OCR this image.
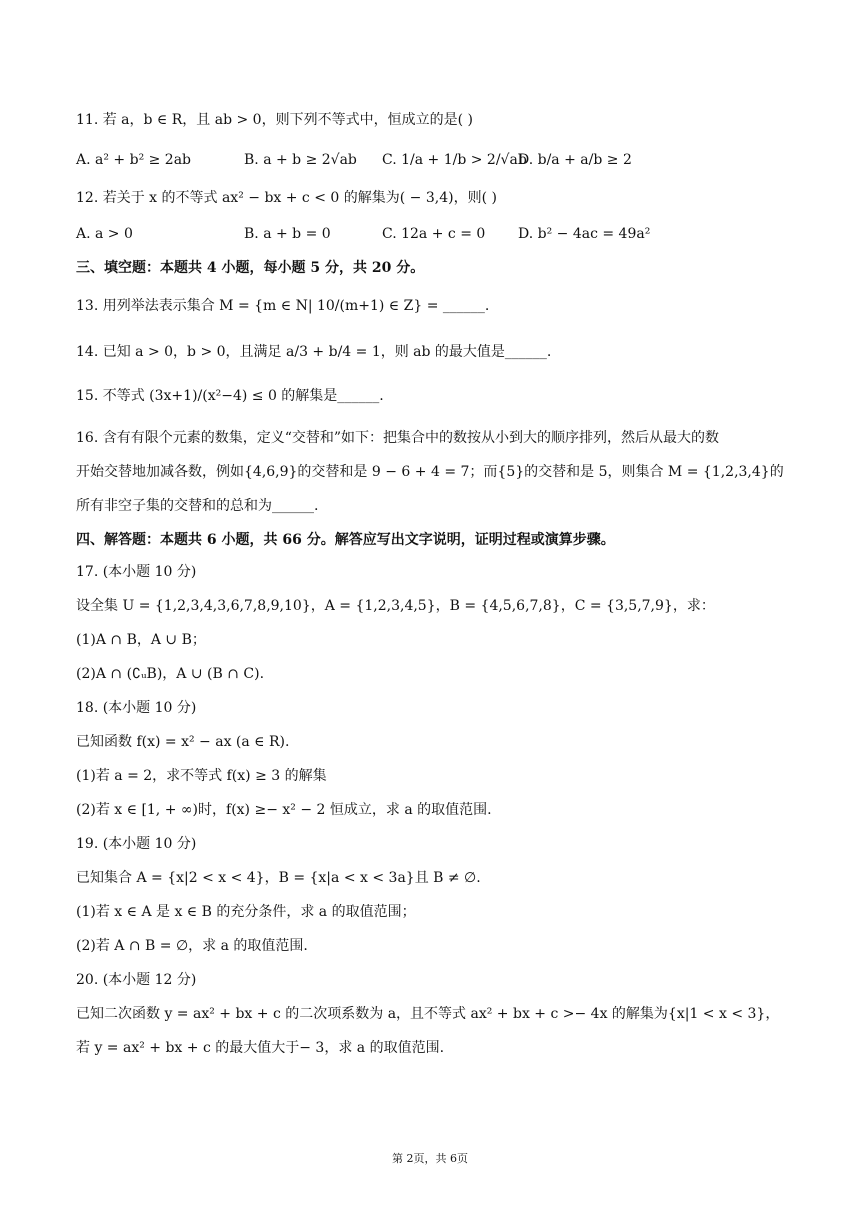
11. 若 a，b ∈ R，且 ab > 0，则下列不等式中，恒成立的是( )
A. a² + b² ≥ 2ab	B. a + b ≥ 2√ab C. 1/a + 1/b > 2/√ab
D. b/a + a/b ≥ 2
12. 若关于 x 的不等式 ax² − bx + c < 0 的解集为( − 3,4)，则( )
A. a > 0	B. a + b = 0	C. 12a + c = 0 D. b² − 4ac = 49a²
三、填空题：本题共 4 小题，每小题 5 分，共 20 分。
13. 用列举法表示集合 M = {m ∈ N| 10/(m+1) ∈ Z} = ______.
14. 已知 a > 0，b > 0，且满足 a/3 + b/4 = 1，则 ab 的最大值是______.
15. 不等式 (3x+1)/(x²−4) ≤ 0 的解集是______.
16. 含有有限个元素的数集，定义“交替和”如下：把集合中的数按从小到大的顺序排列，然后从最大的数
开始交替地加减各数，例如{4,6,9}的交替和是 9 − 6 + 4 = 7；而{5}的交替和是 5，则集合 M = {1,2,3,4}的
所有非空子集的交替和的总和为______.
四、解答题：本题共 6 小题，共 66 分。解答应写出文字说明，证明过程或演算步骤。
17. (本小题 10 分)
设全集 U = {1,2,3,4,3,6,7,8,9,10}，A = {1,2,3,4,5}，B = {4,5,6,7,8}，C = {3,5,7,9}，求：
(1)A ∩ B，A ∪ B；
(2)A ∩ (∁ᵤB)，A ∪ (B ∩ C).
18. (本小题 10 分)
已知函数 f(x) = x² − ax (a ∈ R).
(1)若 a = 2，求不等式 f(x) ≥ 3 的解集
(2)若 x ∈ [1, + ∞)时，f(x) ≥− x² − 2 恒成立，求 a 的取值范围.
19. (本小题 10 分)
已知集合 A = {x|2 < x < 4}，B = {x|a < x < 3a}且 B ≠ ∅.
(1)若 x ∈ A 是 x ∈ B 的充分条件，求 a 的取值范围；
(2)若 A ∩ B = ∅，求 a 的取值范围.
20. (本小题 12 分)
已知二次函数 y = ax² + bx + c 的二次项系数为 a，且不等式 ax² + bx + c >− 4x 的解集为{x|1 < x < 3}，
若 y = ax² + bx + c 的最大值大于− 3，求 a 的取值范围.
第 2页，共 6页
